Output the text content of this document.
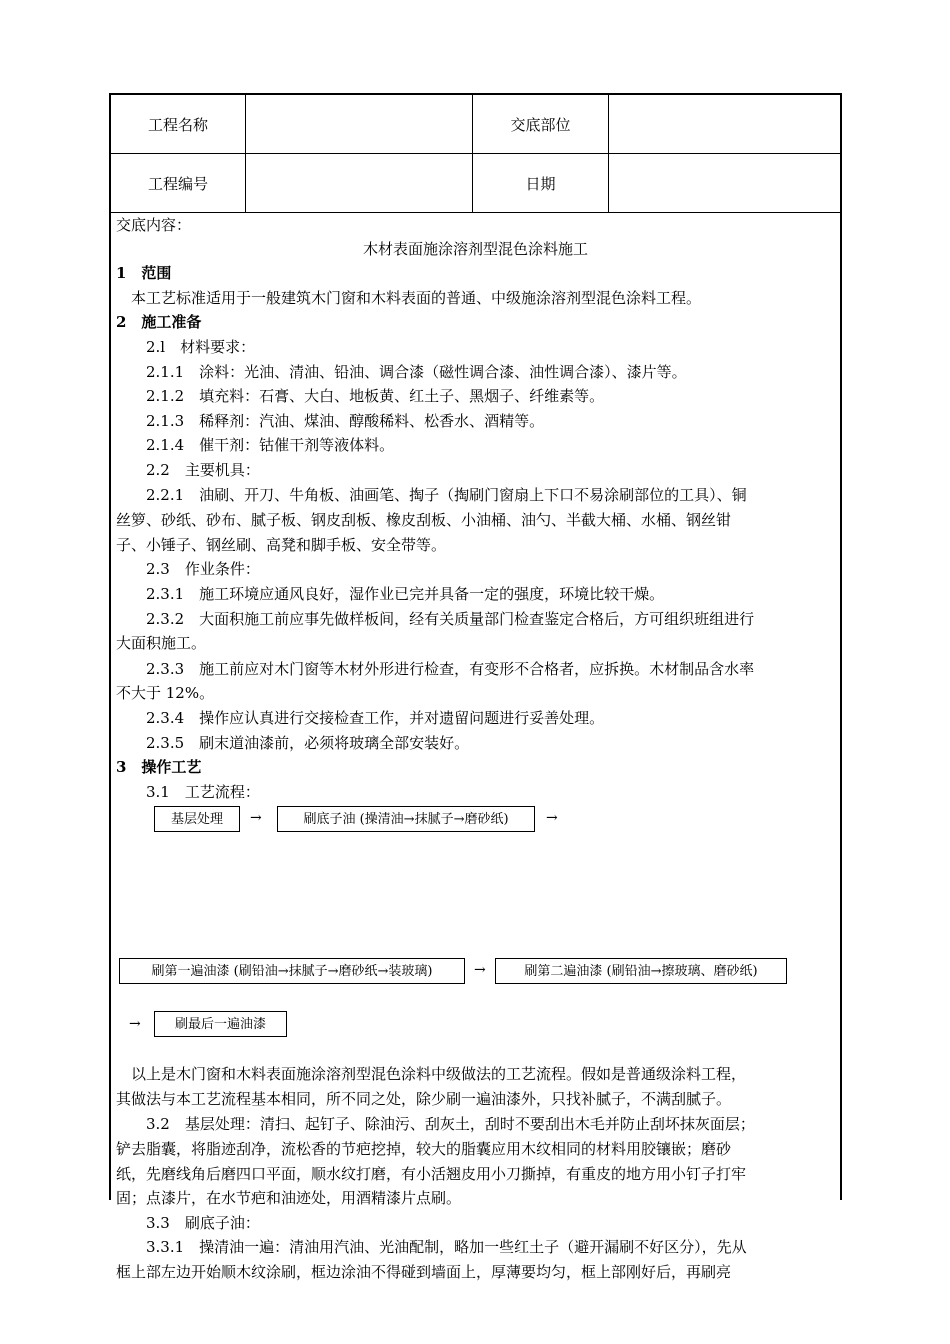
工程名称		交底部位	
工程编号		日期	
交底内容：
木材表面施涂溶剂型混色涂料施工
1　范围
　本工艺标准适用于一般建筑木门窗和木料表面的普通、中级施涂溶剂型混色涂料工程。
2　施工准备
　　2.l　材料要求：
　　2.1.1　涂料：光油、清油、铅油、调合漆（磁性调合漆、油性调合漆）、漆片等。
　　2.1.2　填充料：石膏、大白、地板黄、红土子、黑烟子、纤维素等。
　　2.1.3　稀释剂：汽油、煤油、醇酸稀料、松香水、酒精等。
　　2.1.4　催干剂：钴催干剂等液体料。
　　2.2　主要机具：
　　2.2.1　油刷、开刀、牛角板、油画笔、掏子（掏刷门窗扇上下口不易涂刷部位的工具）、铜
丝箩、砂纸、砂布、腻子板、钢皮刮板、橡皮刮板、小油桶、油勺、半截大桶、水桶、钢丝钳
子、小锤子、钢丝刷、高凳和脚手板、安全带等。
　　2.3　作业条件：
　　2.3.1　施工环境应通风良好，湿作业已完并具备一定的强度，环境比较干燥。
　　2.3.2　大面积施工前应事先做样板间，经有关质量部门检查鉴定合格后，方可组织班组进行
大面积施工。
　　2.3.3　施工前应对木门窗等木材外形进行检查，有变形不合格者，应拆换。木材制品含水率
不大于 12%。
　　2.3.4　操作应认真进行交接检查工作，并对遗留问题进行妥善处理。
　　2.3.5　刷末道油漆前，必须将玻璃全部安装好。
3　操作工艺
　　3.1　工艺流程：
基层处理	→	刷底子油 (操清油→抹腻子→磨砂纸)	→
刷第一遍油漆 (刷铅油→抹腻子→磨砂纸→装玻璃)	→	刷第二遍油漆 (刷铅油→擦玻璃、磨砂纸)
→	刷最后一遍油漆
　以上是木门窗和木料表面施涂溶剂型混色涂料中级做法的工艺流程。假如是普通级涂料工程，
其做法与本工艺流程基本相同，所不同之处，除少刷一遍油漆外，只找补腻子，不满刮腻子。
　　3.2　基层处理：清扫、起钉子、除油污、刮灰土，刮时不要刮出木毛并防止刮坏抹灰面层；
铲去脂囊，将脂迹刮净，流松香的节疤挖掉，较大的脂囊应用木纹相同的材料用胶镶嵌；磨砂
纸，先磨线角后磨四口平面，顺水纹打磨，有小活翘皮用小刀撕掉，有重皮的地方用小钉子打牢
固；点漆片，在水节疤和油迹处，用酒精漆片点刷。
　　3.3　刷底子油：
　　3.3.1　操清油一遍：清油用汽油、光油配制，略加一些红土子（避开漏刷不好区分），先从
框上部左边开始顺木纹涂刷，框边涂油不得碰到墙面上，厚薄要均匀，框上部刚好后，再刷亮
